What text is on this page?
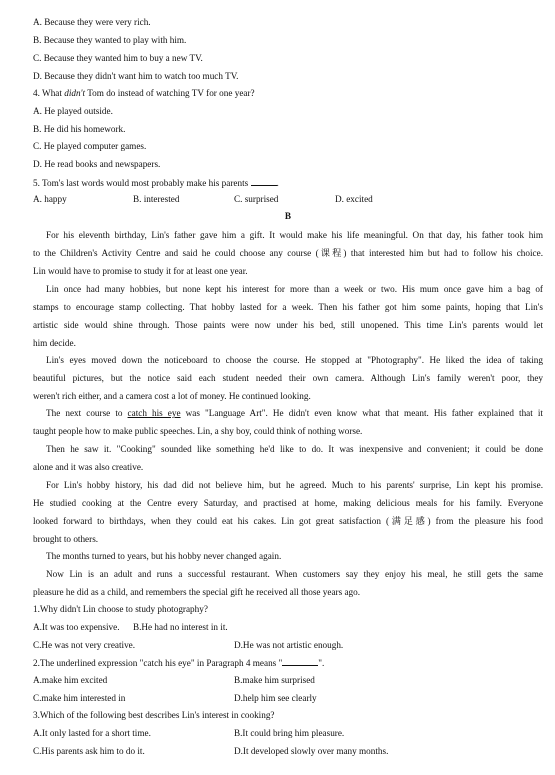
A. Because they were very rich.
B. Because they wanted to play with him.
C. Because they wanted him to buy a new TV.
D. Because they didn't want him to watch too much TV.
4. What didn't Tom do instead of watching TV for one year?
A. He played outside.
B. He did his homework.
C. He played computer games.
D. He read books and newspapers.
5. Tom's last words would most probably make his parents	.
A. happy	B. interested	C. surprised	D. excited
B
For his eleventh birthday, Lin's father gave him a gift. It would make his life meaningful. On that day, his father took him
to the Children's Activity Centre and said he could choose any course (课程) that interested him but had to follow his choice.
Lin would have to promise to study it for at least one year.
Lin once had many hobbies, but none kept his interest for more than a week or two. His mum once gave him a bag of
stamps to encourage stamp collecting. That hobby lasted for a week. Then his father got him some paints, hoping that Lin's
artistic side would shine through. Those paints were now under his bed, still unopened. This time Lin's parents would let
him decide.
Lin's eyes moved down the noticeboard to choose the course. He stopped at "Photography". He liked the idea of taking
beautiful pictures, but the notice said each student needed their own camera. Although Lin's family weren't poor, they
weren't rich either, and a camera cost a lot of money. He continued looking.
The next course to catch his eye was "Language Art". He didn't even know what that meant. His father explained that it
taught people how to make public speeches. Lin, a shy boy, could think of nothing worse.
Then he saw it. "Cooking" sounded like something he'd like to do. It was inexpensive and convenient; it could be done
alone and it was also creative.
For Lin's hobby history, his dad did not believe him, but he agreed. Much to his parents' surprise, Lin kept his promise.
He studied cooking at the Centre every Saturday, and practised at home, making delicious meals for his family. Everyone
looked forward to birthdays, when they could eat his cakes. Lin got great satisfaction (满足感) from the pleasure his food
brought to others.
The months turned to years, but his hobby never changed again.
Now Lin is an adult and runs a successful restaurant. When customers say they enjoy his meal, he still gets the same
pleasure he did as a child, and remembers the special gift he received all those years ago.
1.Why didn't Lin choose to study photography?
A.It was too expensive. B.He had no interest in it.
C.He was not very creative.	D.He was not artistic enough.
2.The underlined expression "catch his eye" in Paragraph 4 means "	".
A.make him excited	B.make him surprised
C.make him interested in	D.help him see clearly
3.Which of the following best describes Lin's interest in cooking?
A.It only lasted for a short time.	B.It could bring him pleasure.
C.His parents ask him to do it.	D.It developed slowly over many months.
